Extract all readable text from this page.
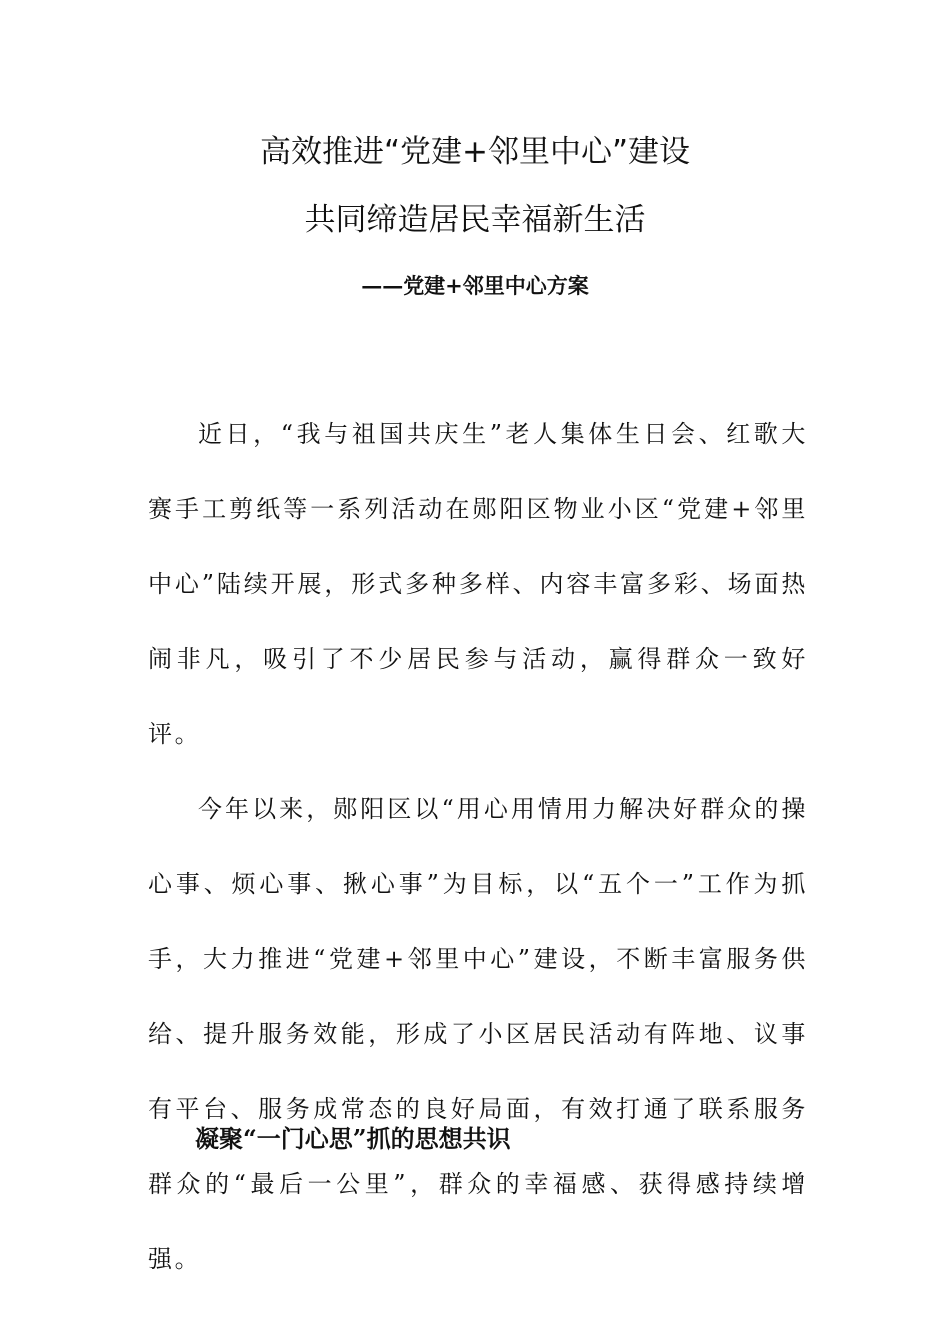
高效推进“党建+邻里中心”建设
共同缔造居民幸福新生活
——党建+邻里中心方案

近日，“我与祖国共庆生”老人集体生日会、红歌大赛手工剪纸等一系列活动在郧阳区物业小区“党建+邻里中心”陆续开展，形式多种多样、内容丰富多彩、场面热闹非凡，吸引了不少居民参与活动，赢得群众一致好评。

今年以来，郧阳区以“用心用情用力解决好群众的操心事、烦心事、揪心事”为目标，以“五个一”工作为抓手，大力推进“党建+邻里中心”建设，不断丰富服务供给、提升服务效能，形成了小区居民活动有阵地、议事有平台、服务成常态的良好局面，有效打通了联系服务群众的“最后一公里”，群众的幸福感、获得感持续增强。

凝聚“一门心思”抓的思想共识
